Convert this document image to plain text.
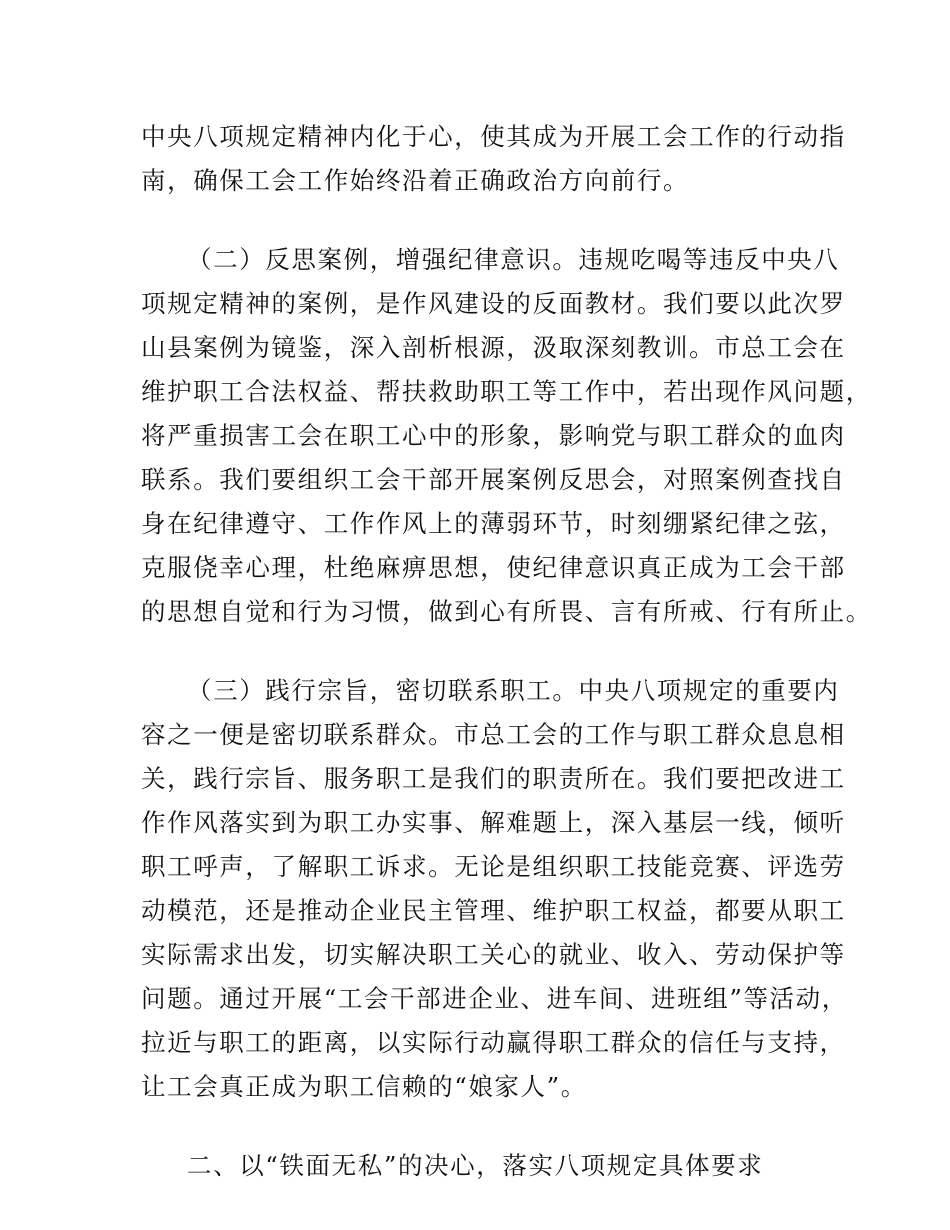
中央八项规定精神内化于心，使其成为开展工会工作的行动指
南，确保工会工作始终沿着正确政治方向前行。
（二）反思案例，增强纪律意识。违规吃喝等违反中央八
项规定精神的案例，是作风建设的反面教材。我们要以此次罗
山县案例为镜鉴，深入剖析根源，汲取深刻教训。市总工会在
维护职工合法权益、帮扶救助职工等工作中，若出现作风问题，
将严重损害工会在职工心中的形象，影响党与职工群众的血肉
联系。我们要组织工会干部开展案例反思会，对照案例查找自
身在纪律遵守、工作作风上的薄弱环节，时刻绷紧纪律之弦，
克服侥幸心理，杜绝麻痹思想，使纪律意识真正成为工会干部
的思想自觉和行为习惯，做到心有所畏、言有所戒、行有所止。
（三）践行宗旨，密切联系职工。中央八项规定的重要内
容之一便是密切联系群众。市总工会的工作与职工群众息息相
关，践行宗旨、服务职工是我们的职责所在。我们要把改进工
作作风落实到为职工办实事、解难题上，深入基层一线，倾听
职工呼声，了解职工诉求。无论是组织职工技能竞赛、评选劳
动模范，还是推动企业民主管理、维护职工权益，都要从职工
实际需求出发，切实解决职工关心的就业、收入、劳动保护等
问题。通过开展“工会干部进企业、进车间、进班组”等活动，
拉近与职工的距离，以实际行动赢得职工群众的信任与支持，
让工会真正成为职工信赖的“娘家人”。
二、以“铁面无私”的决心，落实八项规定具体要求
